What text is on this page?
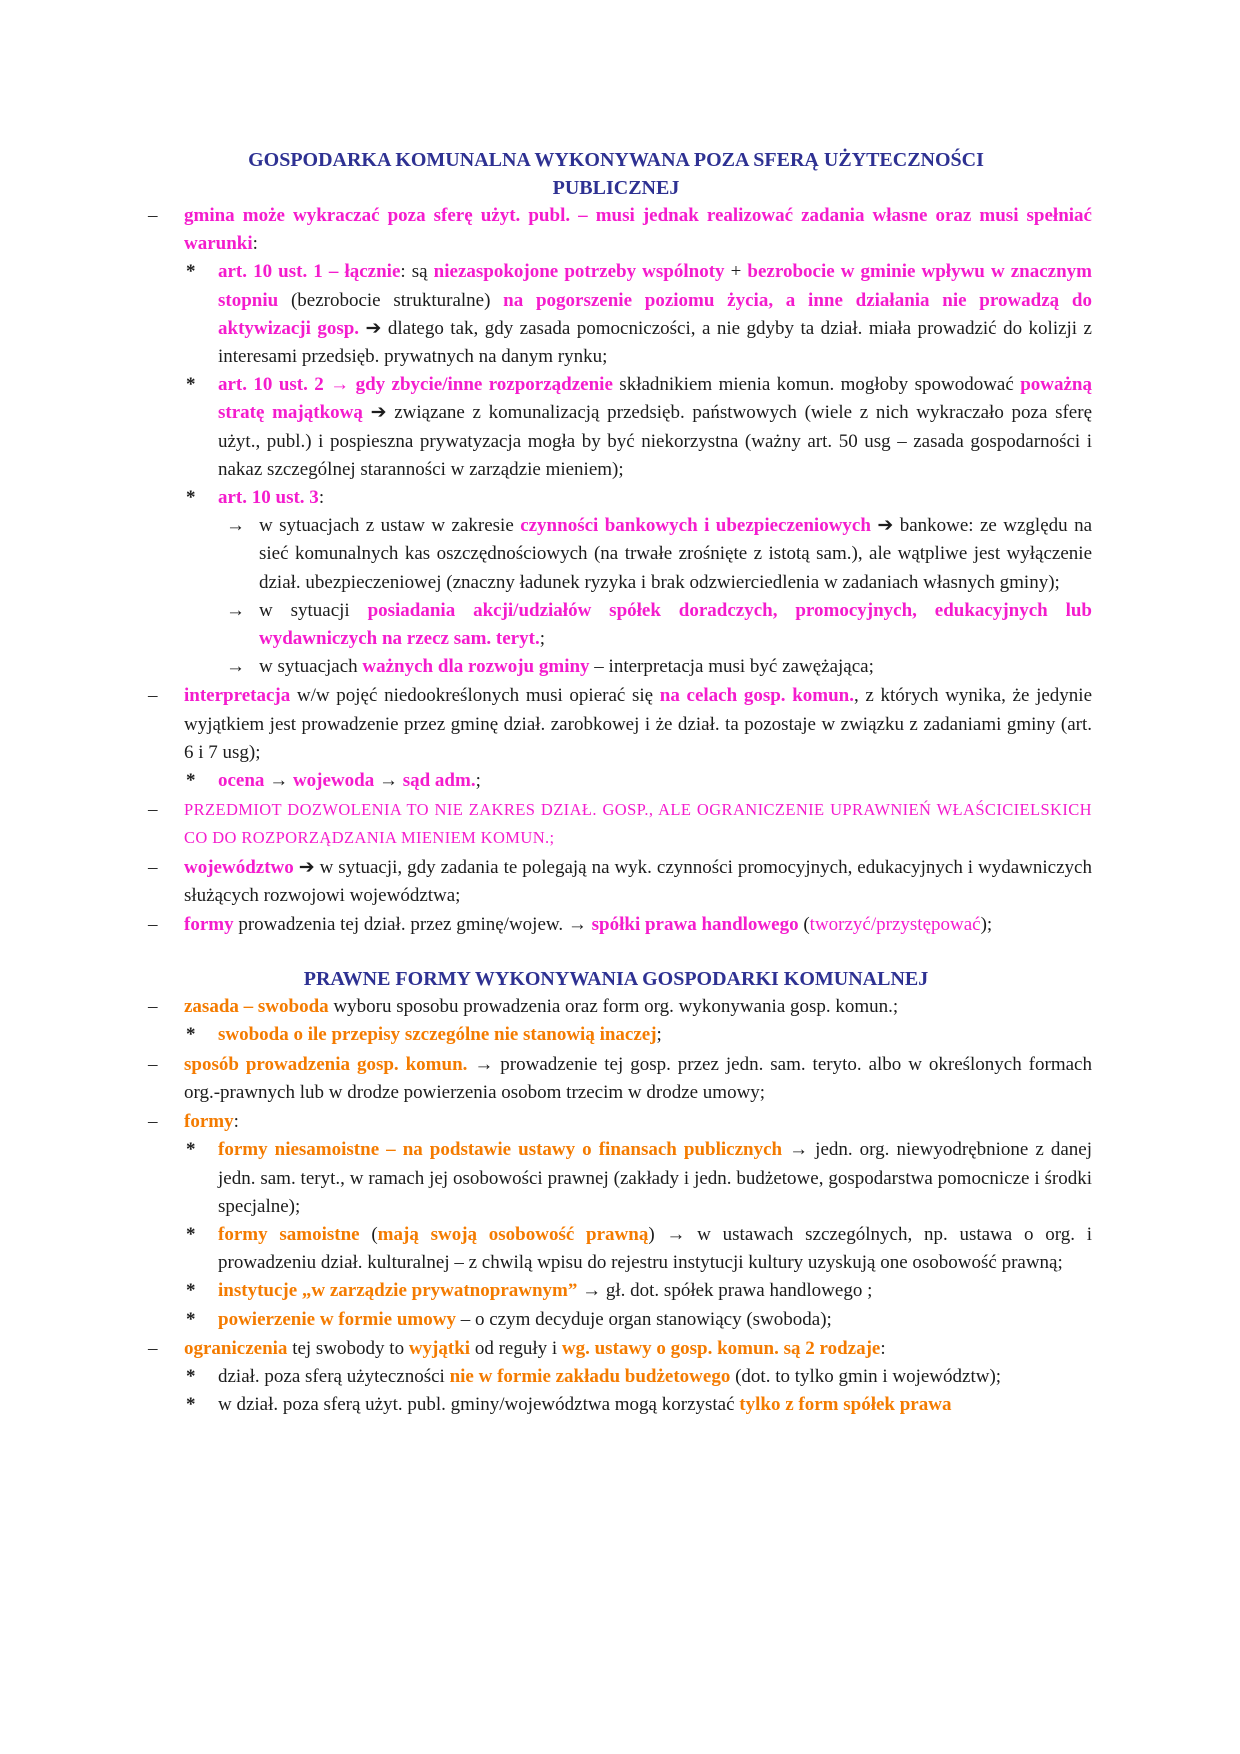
GOSPODARKA KOMUNALNA WYKONYWANA POZA SFERĄ UŻYTECZNOŚCI PUBLICZNEJ
– gmina może wykraczać poza sferę użyt. publ. – musi jednak realizować zadania własne oraz musi spełniać warunki:
* art. 10 ust. 1 – łącznie: są niezaspokojone potrzeby wspólnoty + bezrobocie w gminie wpływu w znacznym stopniu (bezrobocie strukturalne) na pogorszenie poziomu życia, a inne działania nie prowadzą do aktywizacji gosp. ➔ dlatego tak, gdy zasada pomocniczości, a nie gdyby ta dział. miała prowadzić do kolizji z interesami przedsięb. prywatnych na danym rynku;
* art. 10 ust. 2 → gdy zbycie/inne rozporządzenie składnikiem mienia komun. mogłoby spowodować poważną stratę majątkową ➔ związane z komunalizacją przedsięb. państwowych (wiele z nich wykraczało poza sferę użyt., publ.) i pospieszna prywatyzacja mogła by być niekorzystna (ważny art. 50 usg – zasada gospodarności i nakaz szczególnej staranności w zarządzie mieniem);
* art. 10 ust. 3:
→ w sytuacjach z ustaw w zakresie czynności bankowych i ubezpieczeniowych ➔ bankowe: ze względu na sieć komunalnych kas oszczędnościowych (na trwałe zrośnięte z istotą sam.), ale wątpliwe jest wyłączenie dział. ubezpieczeniowej (znaczny ładunek ryzyka i brak odzwierciedlenia w zadaniach własnych gminy);
→ w sytuacji posiadania akcji/udziałów spółek doradczych, promocyjnych, edukacyjnych lub wydawniczych na rzecz sam. teryt.;
→ w sytuacjach ważnych dla rozwoju gminy – interpretacja musi być zawężająca;
– interpretacja w/w pojęć niedookreślonych musi opierać się na celach gosp. komun., z których wynika, że jedynie wyjątkiem jest prowadzenie przez gminę dział. zarobkowej i że dział. ta pozostaje w związku z zadaniami gminy (art. 6 i 7 usg);
* ocena → wojewoda → sąd adm.;
– PRZEDMIOT DOZWOLENIA TO NIE ZAKRES DZIAŁ. GOSP., ALE OGRANICZENIE UPRAWNIEŃ WŁAŚCICIELSKICH CO DO ROZPORZĄDZANIA MIENIEM KOMUN.;
– województwo ➔ w sytuacji, gdy zadania te polegają na wyk. czynności promocyjnych, edukacyjnych i wydawniczych służących rozwojowi województwa;
– formy prowadzenia tej dział. przez gminę/wojew. → spółki prawa handlowego (tworzyć/przystępować);
PRAWNE FORMY WYKONYWANIA GOSPODARKI KOMUNALNEJ
– zasada – swoboda wyboru sposobu prowadzenia oraz form org. wykonywania gosp. komun.;
* swoboda o ile przepisy szczególne nie stanowią inaczej;
– sposób prowadzenia gosp. komun. → prowadzenie tej gosp. przez jedn. sam. teryto. albo w określonych formach org.-prawnych lub w drodze powierzenia osobom trzecim w drodze umowy;
– formy:
* formy niesamoistne – na podstawie ustawy o finansach publicznych → jedn. org. niewyodrębnione z danej jedn. sam. teryt., w ramach jej osobowości prawnej (zakłady i jedn. budżetowe, gospodarstwa pomocnicze i środki specjalne);
* formy samoistne (mają swoją osobowość prawną) → w ustawach szczególnych, np. ustawa o org. i prowadzeniu dział. kulturalnej – z chwilą wpisu do rejestru instytucji kultury uzyskują one osobowość prawną;
* instytucje „w zarządzie prywatnoprawnym” → gł. dot. spółek prawa handlowego ;
* powierzenie w formie umowy – o czym decyduje organ stanowiący (swoboda);
– ograniczenia tej swobody to wyjątki od reguły i wg. ustawy o gosp. komun. są 2 rodzaje:
* dział. poza sferą użyteczności nie w formie zakładu budżetowego (dot. to tylko gmin i województw);
* w dział. poza sferą użyt. publ. gminy/województwa mogą korzystać tylko z form spółek prawa
